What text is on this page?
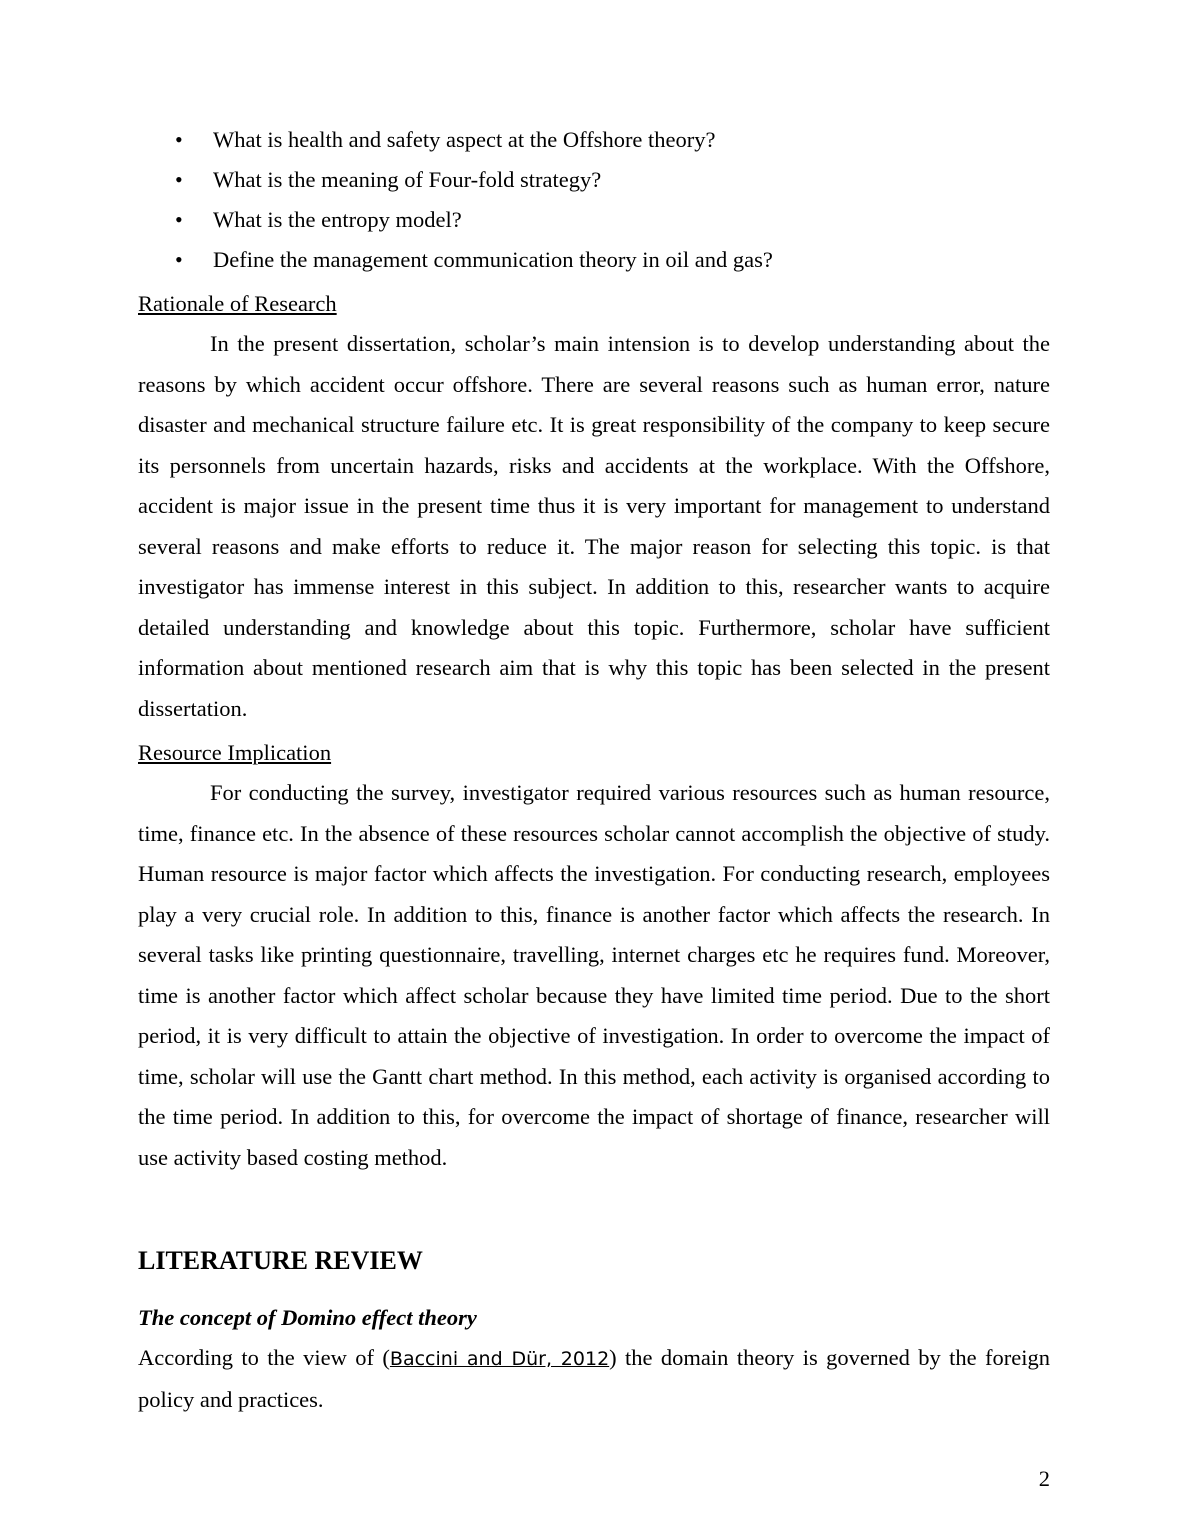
• What is health and safety aspect at the Offshore theory?
• What is the meaning of Four-fold strategy?
• What is the entropy model?
• Define the management communication theory in oil and gas?
Rationale of Research

In the present dissertation, scholar’s main intension is to develop understanding about the reasons by which accident occur offshore. There are several reasons such as human error, nature disaster and mechanical structure failure etc. It is great responsibility of the company to keep secure its personnels from uncertain hazards, risks and accidents at the workplace. With the Offshore, accident is major issue in the present time thus it is very important for management to understand several reasons and make efforts to reduce it. The major reason for selecting this topic. is that investigator has immense interest in this subject. In addition to this, researcher wants to acquire detailed understanding and knowledge about this topic. Furthermore, scholar have sufficient information about mentioned research aim that is why this topic has been selected in the present dissertation.

Resource Implication

For conducting the survey, investigator required various resources such as human resource, time, finance etc. In the absence of these resources scholar cannot accomplish the objective of study. Human resource is major factor which affects the investigation. For conducting research, employees play a very crucial role. In addition to this, finance is another factor which affects the research. In several tasks like printing questionnaire, travelling, internet charges etc he requires fund. Moreover, time is another factor which affect scholar because they have limited time period. Due to the short period, it is very difficult to attain the objective of investigation. In order to overcome the impact of time, scholar will use the Gantt chart method. In this method, each activity is organised according to the time period. In addition to this, for overcome the impact of shortage of finance, researcher will use activity based costing method.

LITERATURE REVIEW
The concept of Domino effect theory

According to the view of (Baccini and Dür, 2012) the domain theory is governed by the foreign policy and practices.

2
